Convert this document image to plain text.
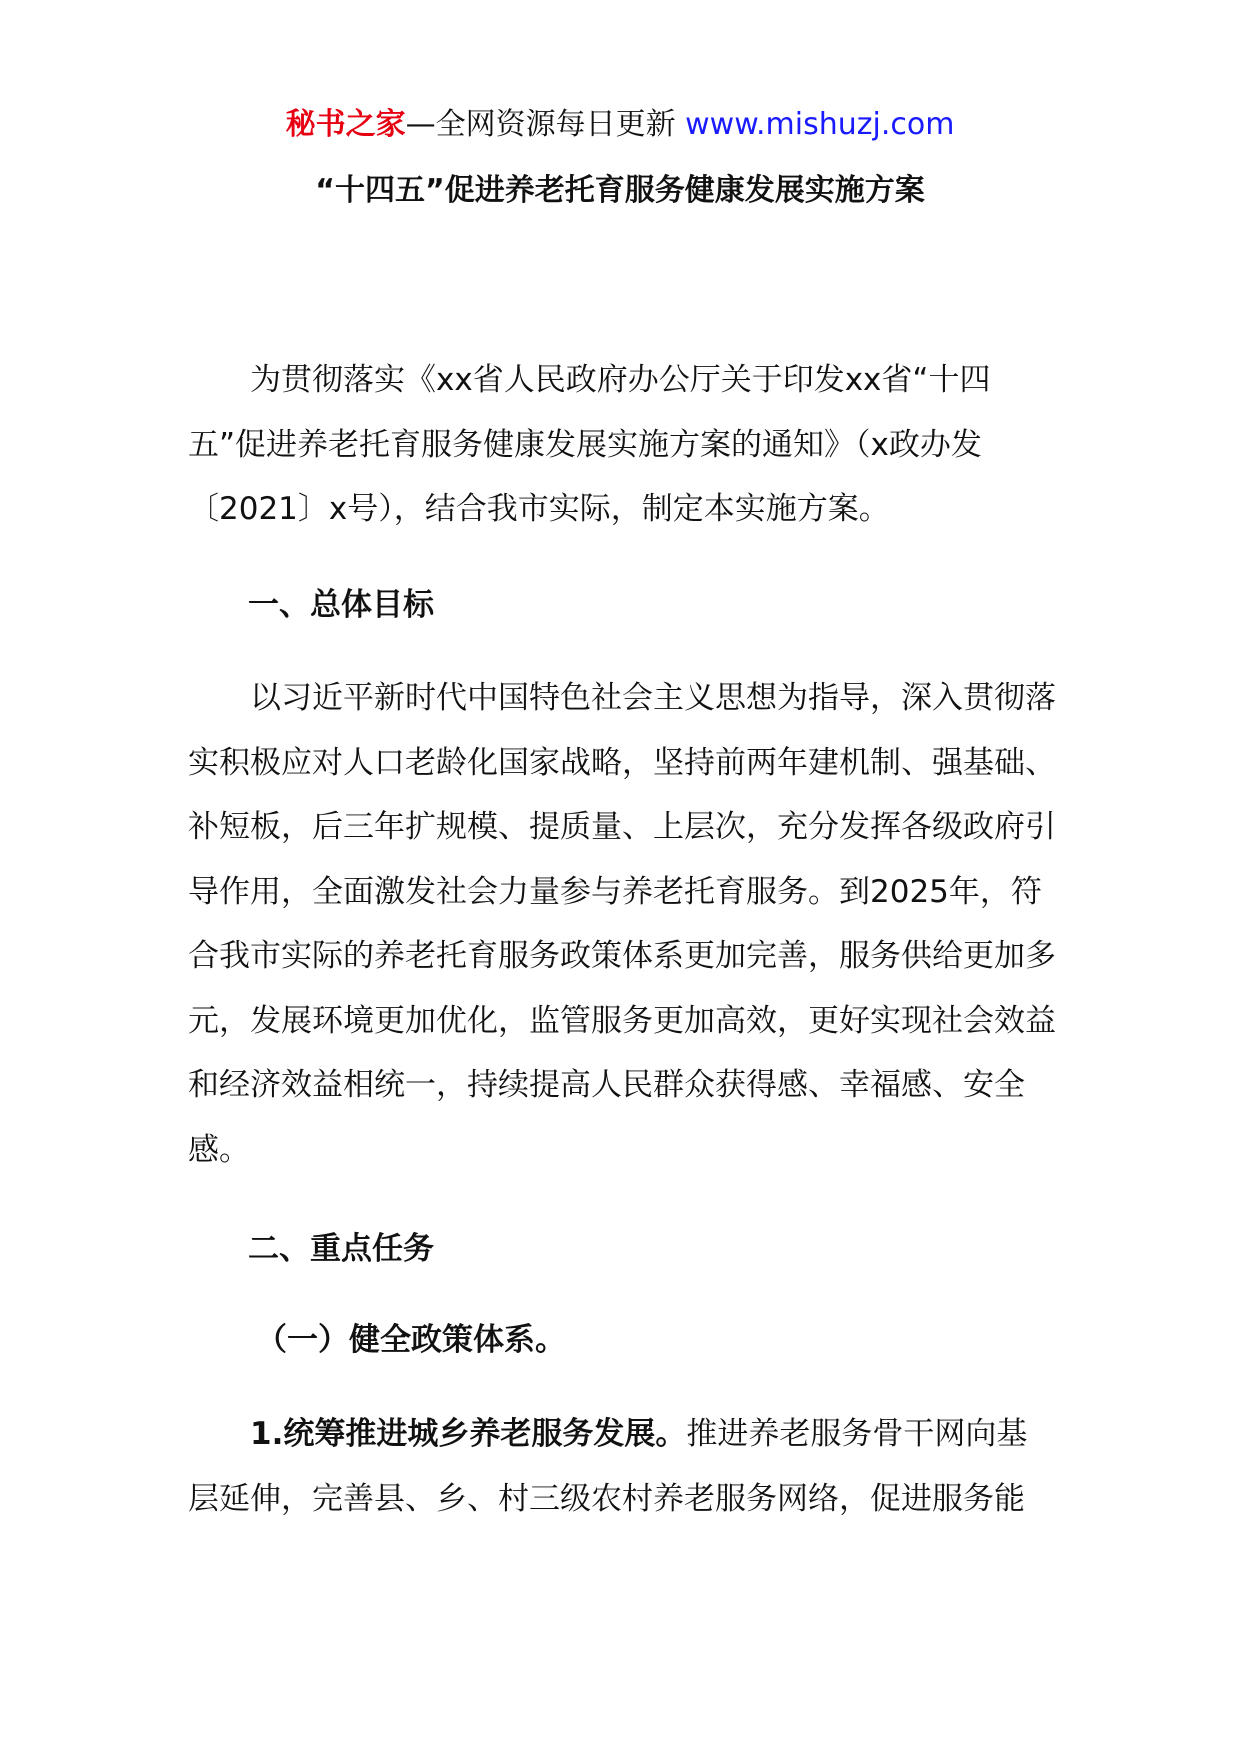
秘书之家—全网资源每日更新 www.mishuzj.com
“十四五”促进养老托育服务健康发展实施方案

为贯彻落实《xx省人民政府办公厅关于印发xx省“十四五”促进养老托育服务健康发展实施方案的通知》（x政办发〔2021〕x号），结合我市实际，制定本实施方案。

一、总体目标

以习近平新时代中国特色社会主义思想为指导，深入贯彻落实积极应对人口老龄化国家战略，坚持前两年建机制、强基础、补短板，后三年扩规模、提质量、上层次，充分发挥各级政府引导作用，全面激发社会力量参与养老托育服务。到2025年，符合我市实际的养老托育服务政策体系更加完善，服务供给更加多元，发展环境更加优化，监管服务更加高效，更好实现社会效益和经济效益相统一，持续提高人民群众获得感、幸福感、安全感。

二、重点任务
（一）健全政策体系。

1.统筹推进城乡养老服务发展。推进养老服务骨干网向基层延伸，完善县、乡、村三级农村养老服务网络，促进服务能
